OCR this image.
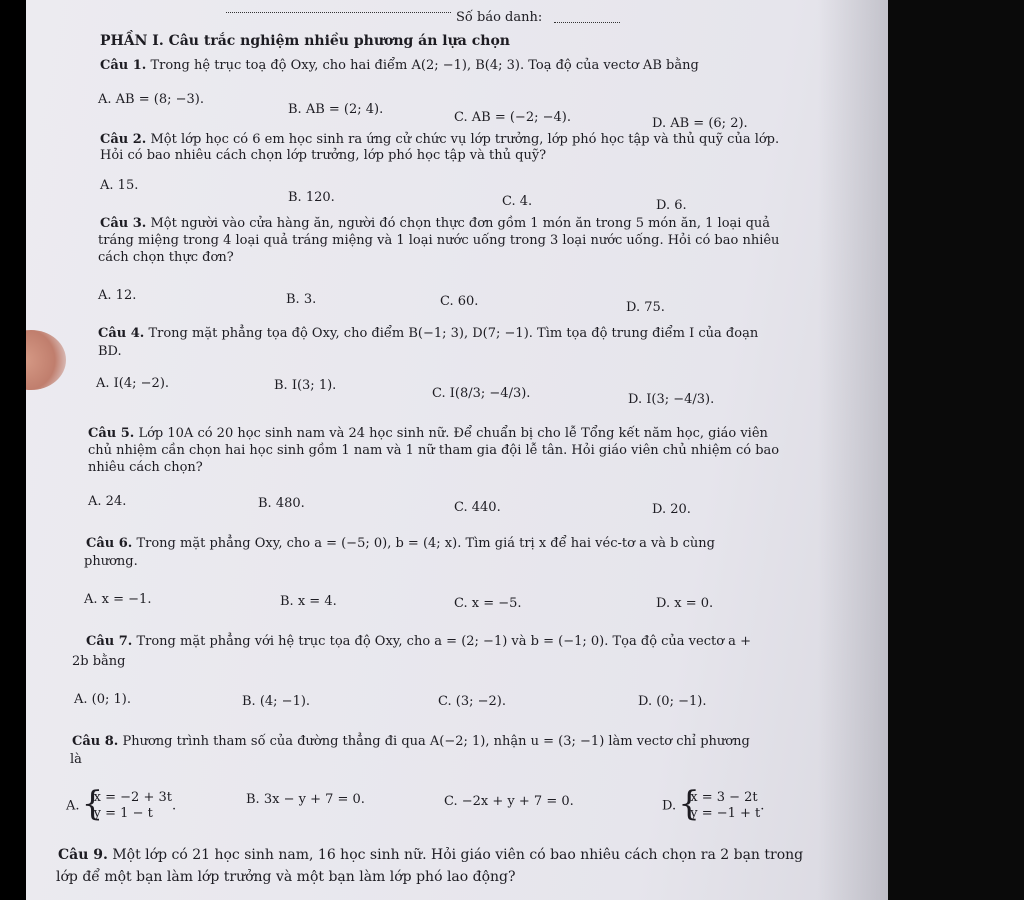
Số báo danh:
PHẦN I. Câu trắc nghiệm nhiều phương án lựa chọn
Câu 1. Trong hệ trục toạ độ Oxy, cho hai điểm A(2; −1), B(4; 3). Toạ độ của vectơ AB bằng
A. AB = (8; −3).
B. AB = (2; 4).
C. AB = (−2; −4).	D. AB = (6; 2).
Câu 2. Một lớp học có 6 em học sinh ra ứng cử chức vụ lớp trưởng, lớp phó học tập và thủ quỹ của lớp.
Hỏi có bao nhiêu cách chọn lớp trưởng, lớp phó học tập và thủ quỹ?
A. 15.
B. 120.	C. 4.	D. 6.
Câu 3. Một người vào cửa hàng ăn, người đó chọn thực đơn gồm 1 món ăn trong 5 món ăn, 1 loại quả
tráng miệng trong 4 loại quả tráng miệng và 1 loại nước uống trong 3 loại nước uống. Hỏi có bao nhiêu
cách chọn thực đơn?
A. 12.	B. 3.	C. 60.	D. 75.
Câu 4. Trong mặt phẳng tọa độ Oxy, cho điểm B(−1; 3), D(7; −1). Tìm tọa độ trung điểm I của đoạn
BD.
A. I(4; −2).	B. I(3; 1).
C. I(8/3; −4/3).	D. I(3; −4/3).
Câu 5. Lớp 10A có 20 học sinh nam và 24 học sinh nữ. Để chuẩn bị cho lễ Tổng kết năm học, giáo viên
chủ nhiệm cần chọn hai học sinh gồm 1 nam và 1 nữ tham gia đội lễ tân. Hỏi giáo viên chủ nhiệm có bao
nhiêu cách chọn?
A. 24.	B. 480.	C. 440.	D. 20.
Câu 6. Trong mặt phẳng Oxy, cho a = (−5; 0), b = (4; x). Tìm giá trị x để hai véc-tơ a và b cùng
phương.
A. x = −1.	B. x = 4.	C. x = −5.	D. x = 0.
Câu 7. Trong mặt phẳng với hệ trục tọa độ Oxy, cho a = (2; −1) và b = (−1; 0). Tọa độ của vectơ a +
2b bằng
A. (0; 1).	B. (4; −1).	C. (3; −2).	D. (0; −1).
Câu 8. Phương trình tham số của đường thẳng đi qua A(−2; 1), nhận u = (3; −1) làm vectơ chỉ phương
là
A. { x = −2 + 3t
y = 1 − t .	B. 3x − y + 7 = 0.	C. −2x + y + 7 = 0.	D. { x = 3 − 2t
y = −1 + t.
Câu 9. Một lớp có 21 học sinh nam, 16 học sinh nữ. Hỏi giáo viên có bao nhiêu cách chọn ra 2 bạn trong
lớp để một bạn làm lớp trưởng và một bạn làm lớp phó lao động?
